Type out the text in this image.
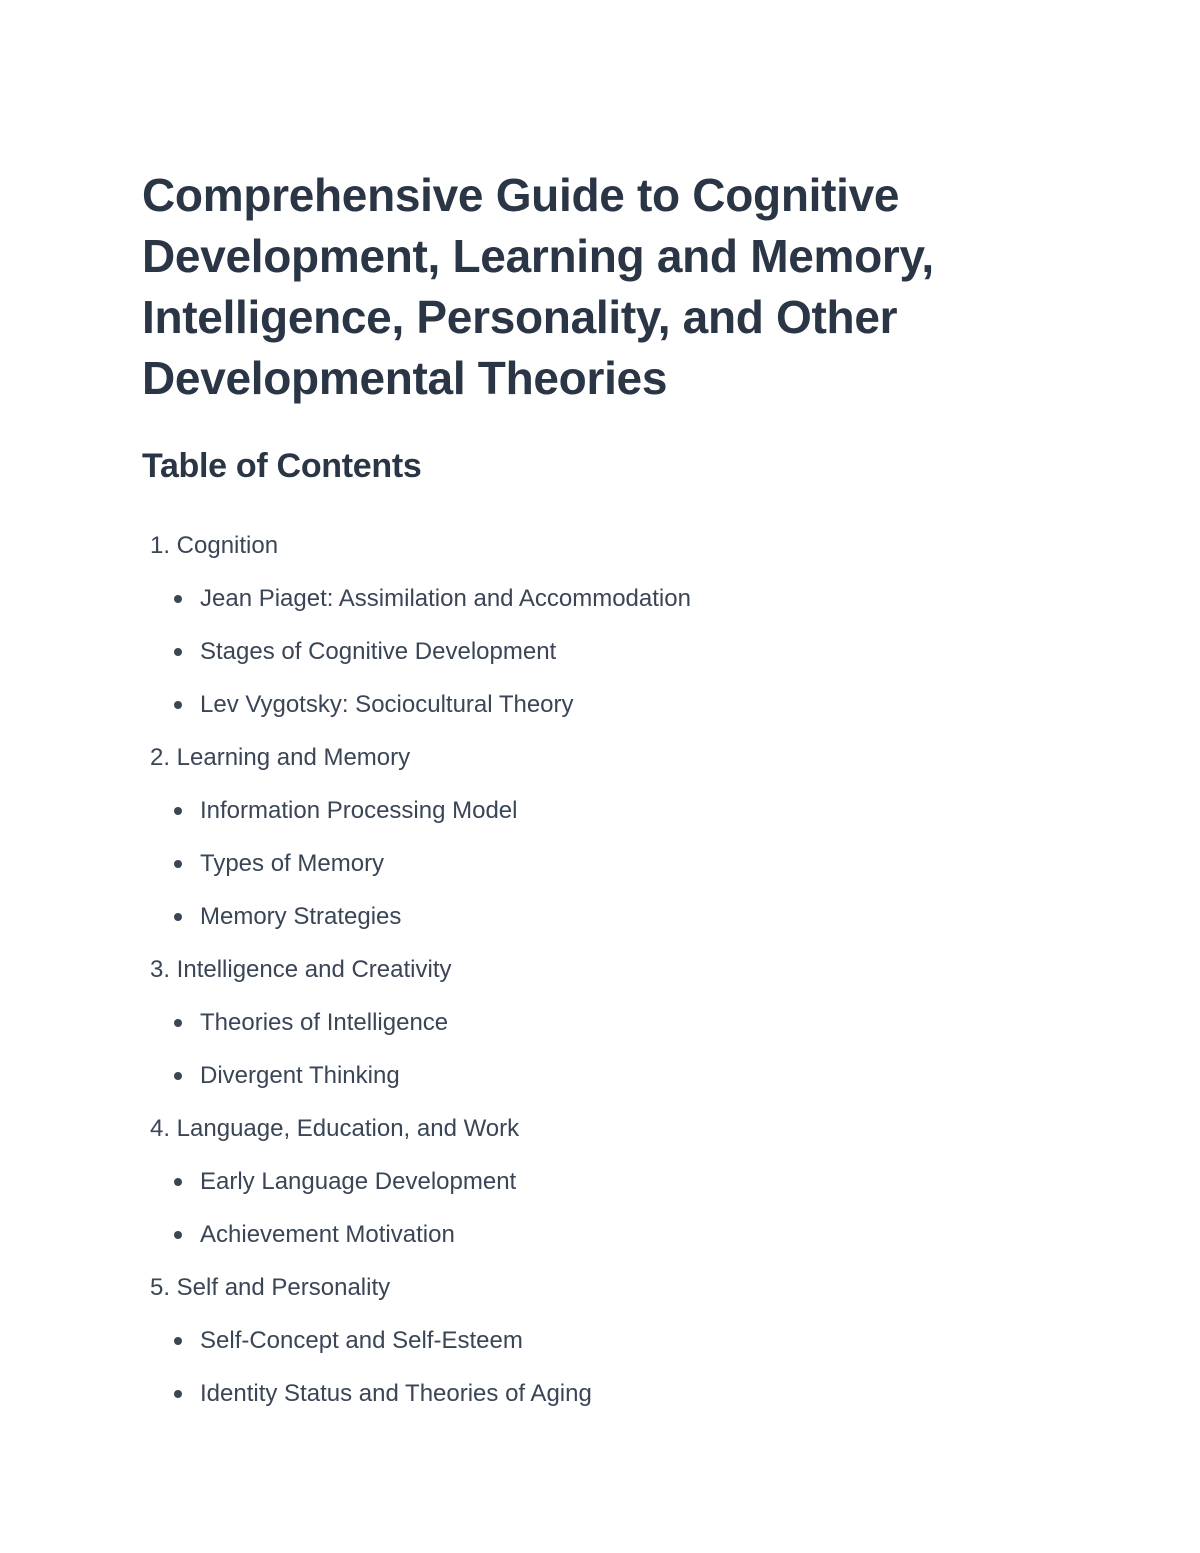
Comprehensive Guide to Cognitive
Development, Learning and Memory,
Intelligence, Personality, and Other
Developmental Theories
Table of Contents
1. Cognition
Jean Piaget: Assimilation and Accommodation
Stages of Cognitive Development
Lev Vygotsky: Sociocultural Theory
2. Learning and Memory
Information Processing Model
Types of Memory
Memory Strategies
3. Intelligence and Creativity
Theories of Intelligence
Divergent Thinking
4. Language, Education, and Work
Early Language Development
Achievement Motivation
5. Self and Personality
Self-Concept and Self-Esteem
Identity Status and Theories of Aging
